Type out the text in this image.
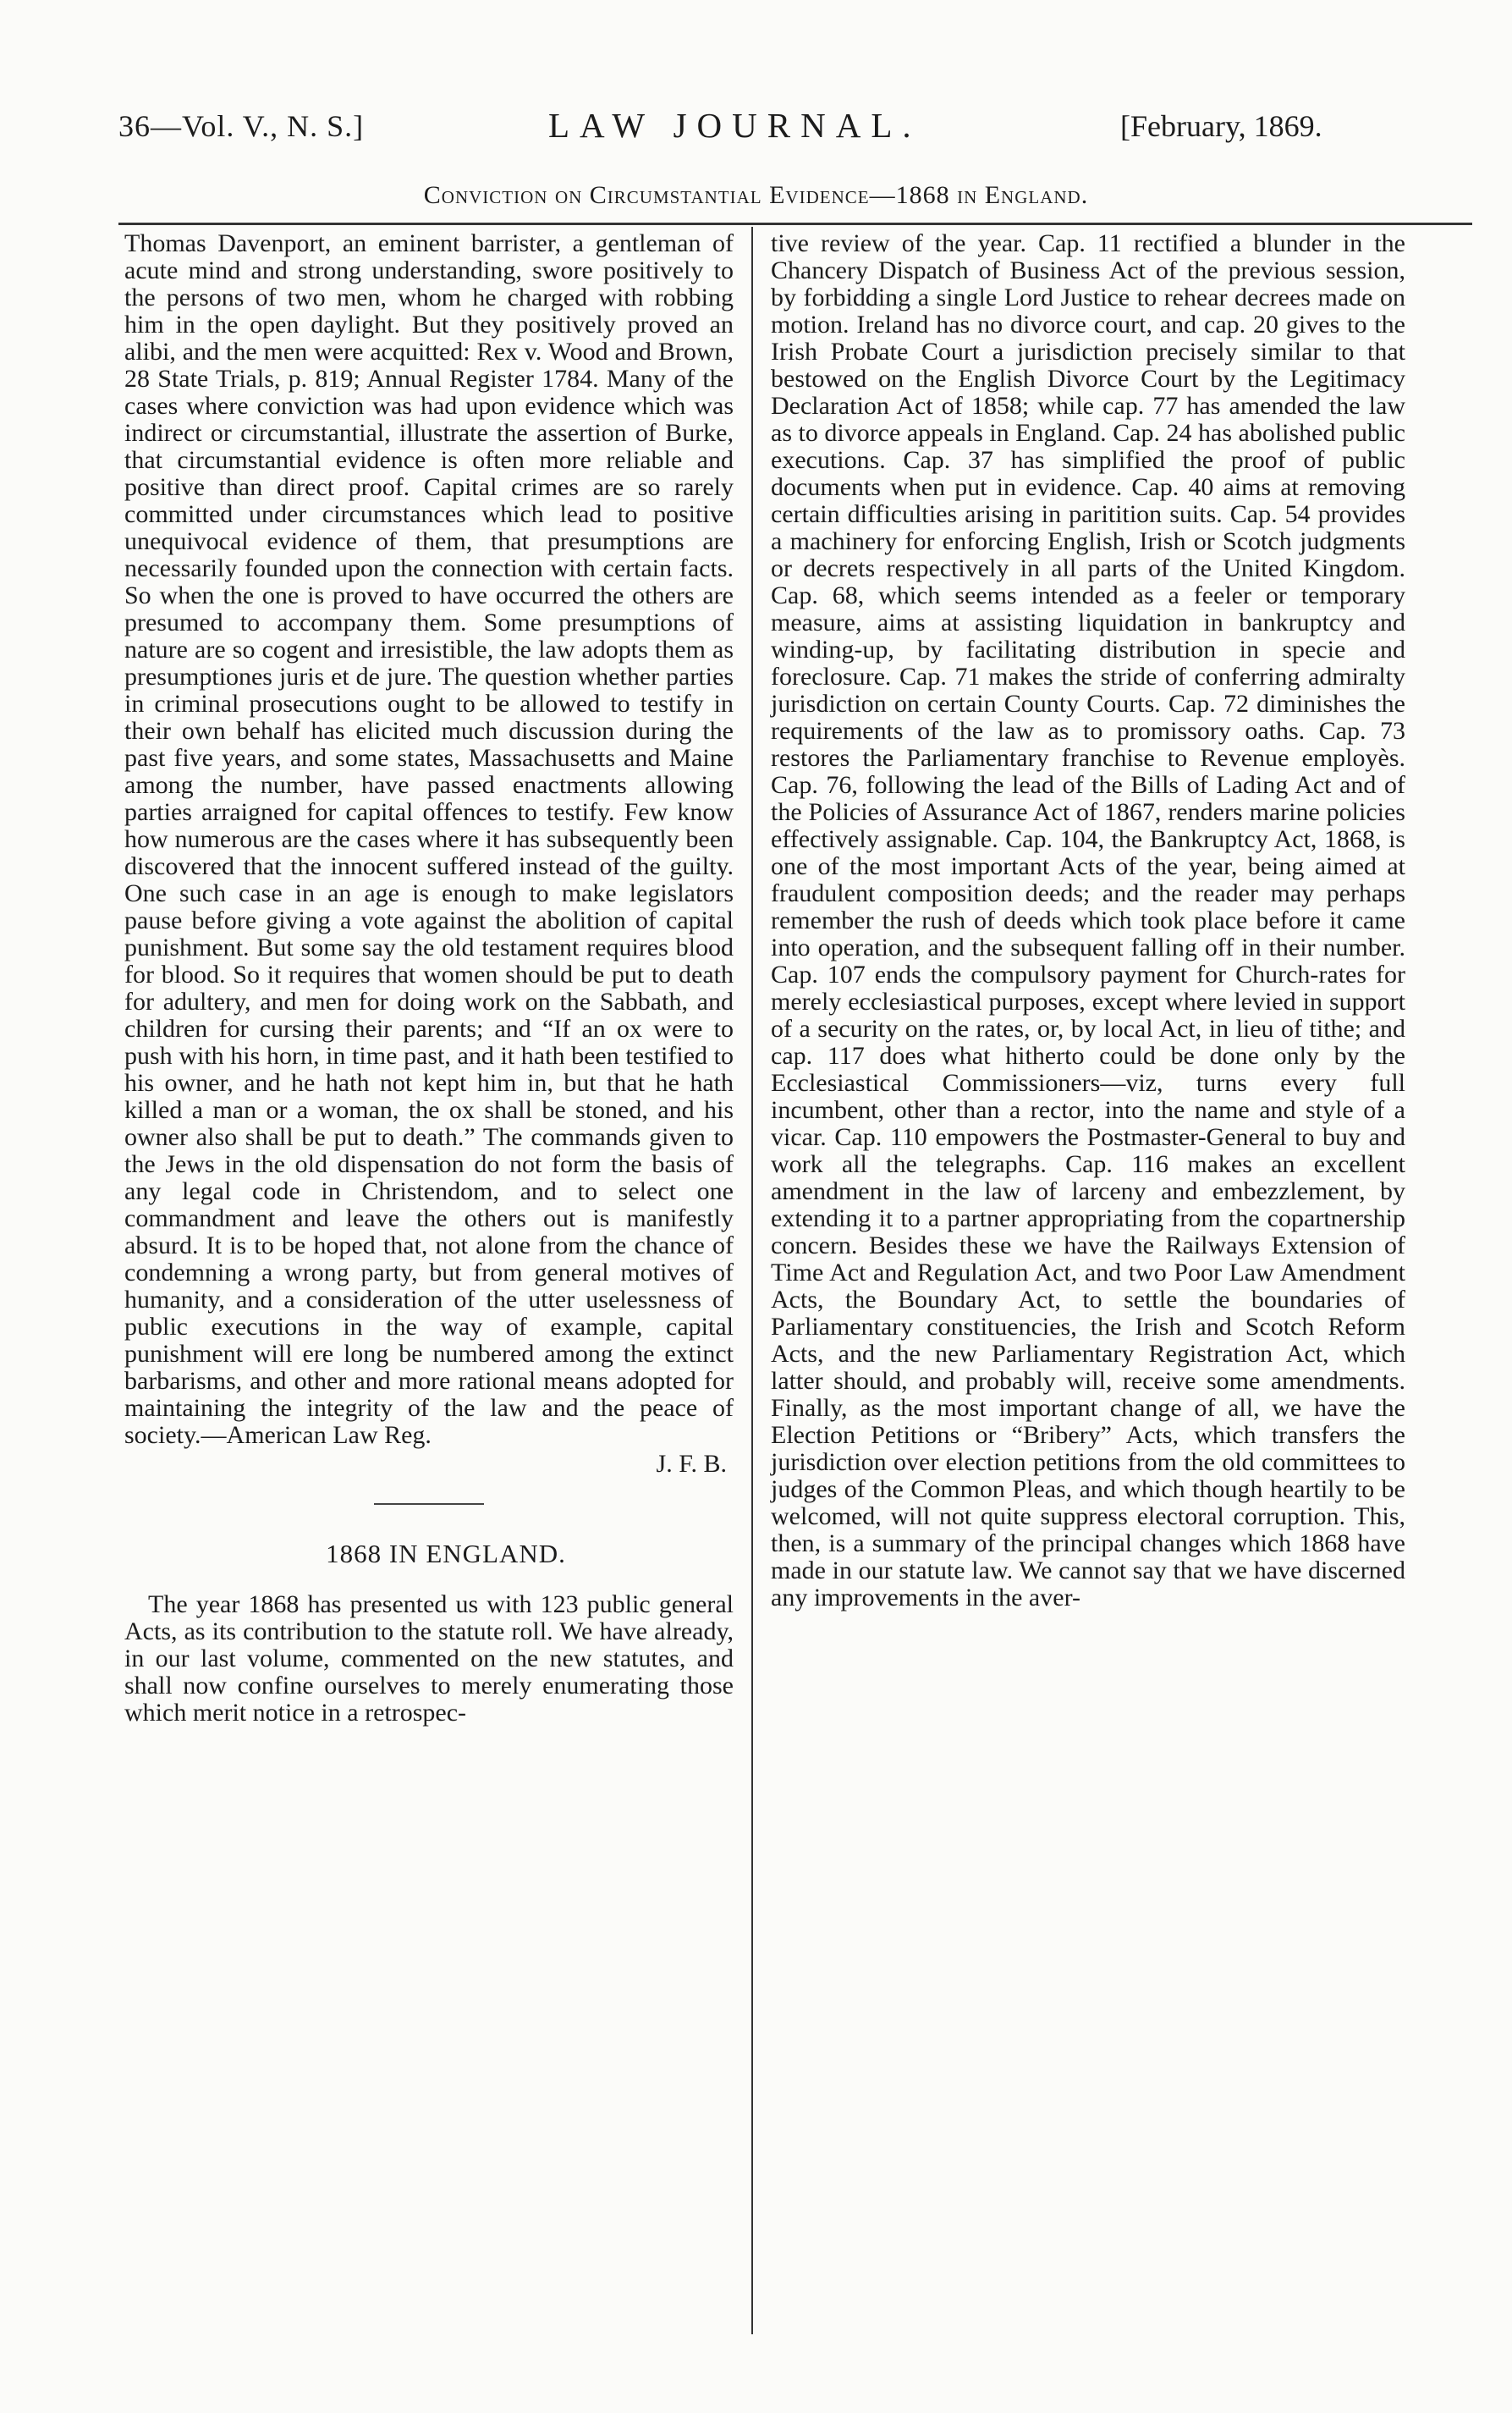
36—Vol. V., N. S.]	LAW JOURNAL.	[February, 1869.
Conviction on Circumstantial Evidence—1868 in England.

Thomas Davenport, an eminent barrister, a gentleman of acute mind and strong understanding, swore positively to the persons of two men, whom he charged with robbing him in the open daylight. But they positively proved an alibi, and the men were acquitted: Rex v. Wood and Brown, 28 State Trials, p. 819; Annual Register 1784. Many of the cases where conviction was had upon evidence which was indirect or circumstantial, illustrate the assertion of Burke, that circumstantial evidence is often more reliable and positive than direct proof. Capital crimes are so rarely committed under circumstances which lead to positive unequivocal evidence of them, that presumptions are necessarily founded upon the connection with certain facts. So when the one is proved to have occurred the others are presumed to accompany them. Some presumptions of nature are so cogent and irresistible, the law adopts them as presumptiones juris et de jure. The question whether parties in criminal prosecutions ought to be allowed to testify in their own behalf has elicited much discussion during the past five years, and some states, Massachusetts and Maine among the number, have passed enactments allowing parties arraigned for capital offences to testify. Few know how numerous are the cases where it has subsequently been discovered that the innocent suffered instead of the guilty. One such case in an age is enough to make legislators pause before giving a vote against the abolition of capital punishment. But some say the old testament requires blood for blood. So it requires that women should be put to death for adultery, and men for doing work on the Sabbath, and children for cursing their parents; and “If an ox were to push with his horn, in time past, and it hath been testified to his owner, and he hath not kept him in, but that he hath killed a man or a woman, the ox shall be stoned, and his owner also shall be put to death.” The commands given to the Jews in the old dispensation do not form the basis of any legal code in Christendom, and to select one commandment and leave the others out is manifestly absurd. It is to be hoped that, not alone from the chance of condemning a wrong party, but from general motives of humanity, and a consideration of the utter uselessness of public executions in the way of example, capital punishment will ere long be numbered among the extinct barbarisms, and other and more rational means adopted for maintaining the integrity of the law and the peace of society.—American Law Reg.

J. F. B.

1868 IN ENGLAND.

The year 1868 has presented us with 123 public general Acts, as its contribution to the statute roll. We have already, in our last volume, commented on the new statutes, and shall now confine ourselves to merely enumerating those which merit notice in a retrospec-

tive review of the year. Cap. 11 rectified a blunder in the Chancery Dispatch of Business Act of the previous session, by forbidding a single Lord Justice to rehear decrees made on motion. Ireland has no divorce court, and cap. 20 gives to the Irish Probate Court a jurisdiction precisely similar to that bestowed on the English Divorce Court by the Legitimacy Declaration Act of 1858; while cap. 77 has amended the law as to divorce appeals in England. Cap. 24 has abolished public executions. Cap. 37 has simplified the proof of public documents when put in evidence. Cap. 40 aims at removing certain difficulties arising in paritition suits. Cap. 54 provides a machinery for enforcing English, Irish or Scotch judgments or decrets respectively in all parts of the United Kingdom. Cap. 68, which seems intended as a feeler or temporary measure, aims at assisting liquidation in bankruptcy and winding-up, by facilitating distribution in specie and foreclosure. Cap. 71 makes the stride of conferring admiralty jurisdiction on certain County Courts. Cap. 72 diminishes the requirements of the law as to promissory oaths. Cap. 73 restores the Parliamentary franchise to Revenue employès. Cap. 76, following the lead of the Bills of Lading Act and of the Policies of Assurance Act of 1867, renders marine policies effectively assignable. Cap. 104, the Bankruptcy Act, 1868, is one of the most important Acts of the year, being aimed at fraudulent composition deeds; and the reader may perhaps remember the rush of deeds which took place before it came into operation, and the subsequent falling off in their number. Cap. 107 ends the compulsory payment for Church-rates for merely ecclesiastical purposes, except where levied in support of a security on the rates, or, by local Act, in lieu of tithe; and cap. 117 does what hitherto could be done only by the Ecclesiastical Commissioners—viz, turns every full incumbent, other than a rector, into the name and style of a vicar. Cap. 110 empowers the Postmaster-General to buy and work all the telegraphs. Cap. 116 makes an excellent amendment in the law of larceny and embezzlement, by extending it to a partner appropriating from the copartnership concern. Besides these we have the Railways Extension of Time Act and Regulation Act, and two Poor Law Amendment Acts, the Boundary Act, to settle the boundaries of Parliamentary constituencies, the Irish and Scotch Reform Acts, and the new Parliamentary Registration Act, which latter should, and probably will, receive some amendments. Finally, as the most important change of all, we have the Election Petitions or “Bribery” Acts, which transfers the jurisdiction over election petitions from the old committees to judges of the Common Pleas, and which though heartily to be welcomed, will not quite suppress electoral corruption. This, then, is a summary of the principal changes which 1868 have made in our statute law. We cannot say that we have discerned any improvements in the aver-
